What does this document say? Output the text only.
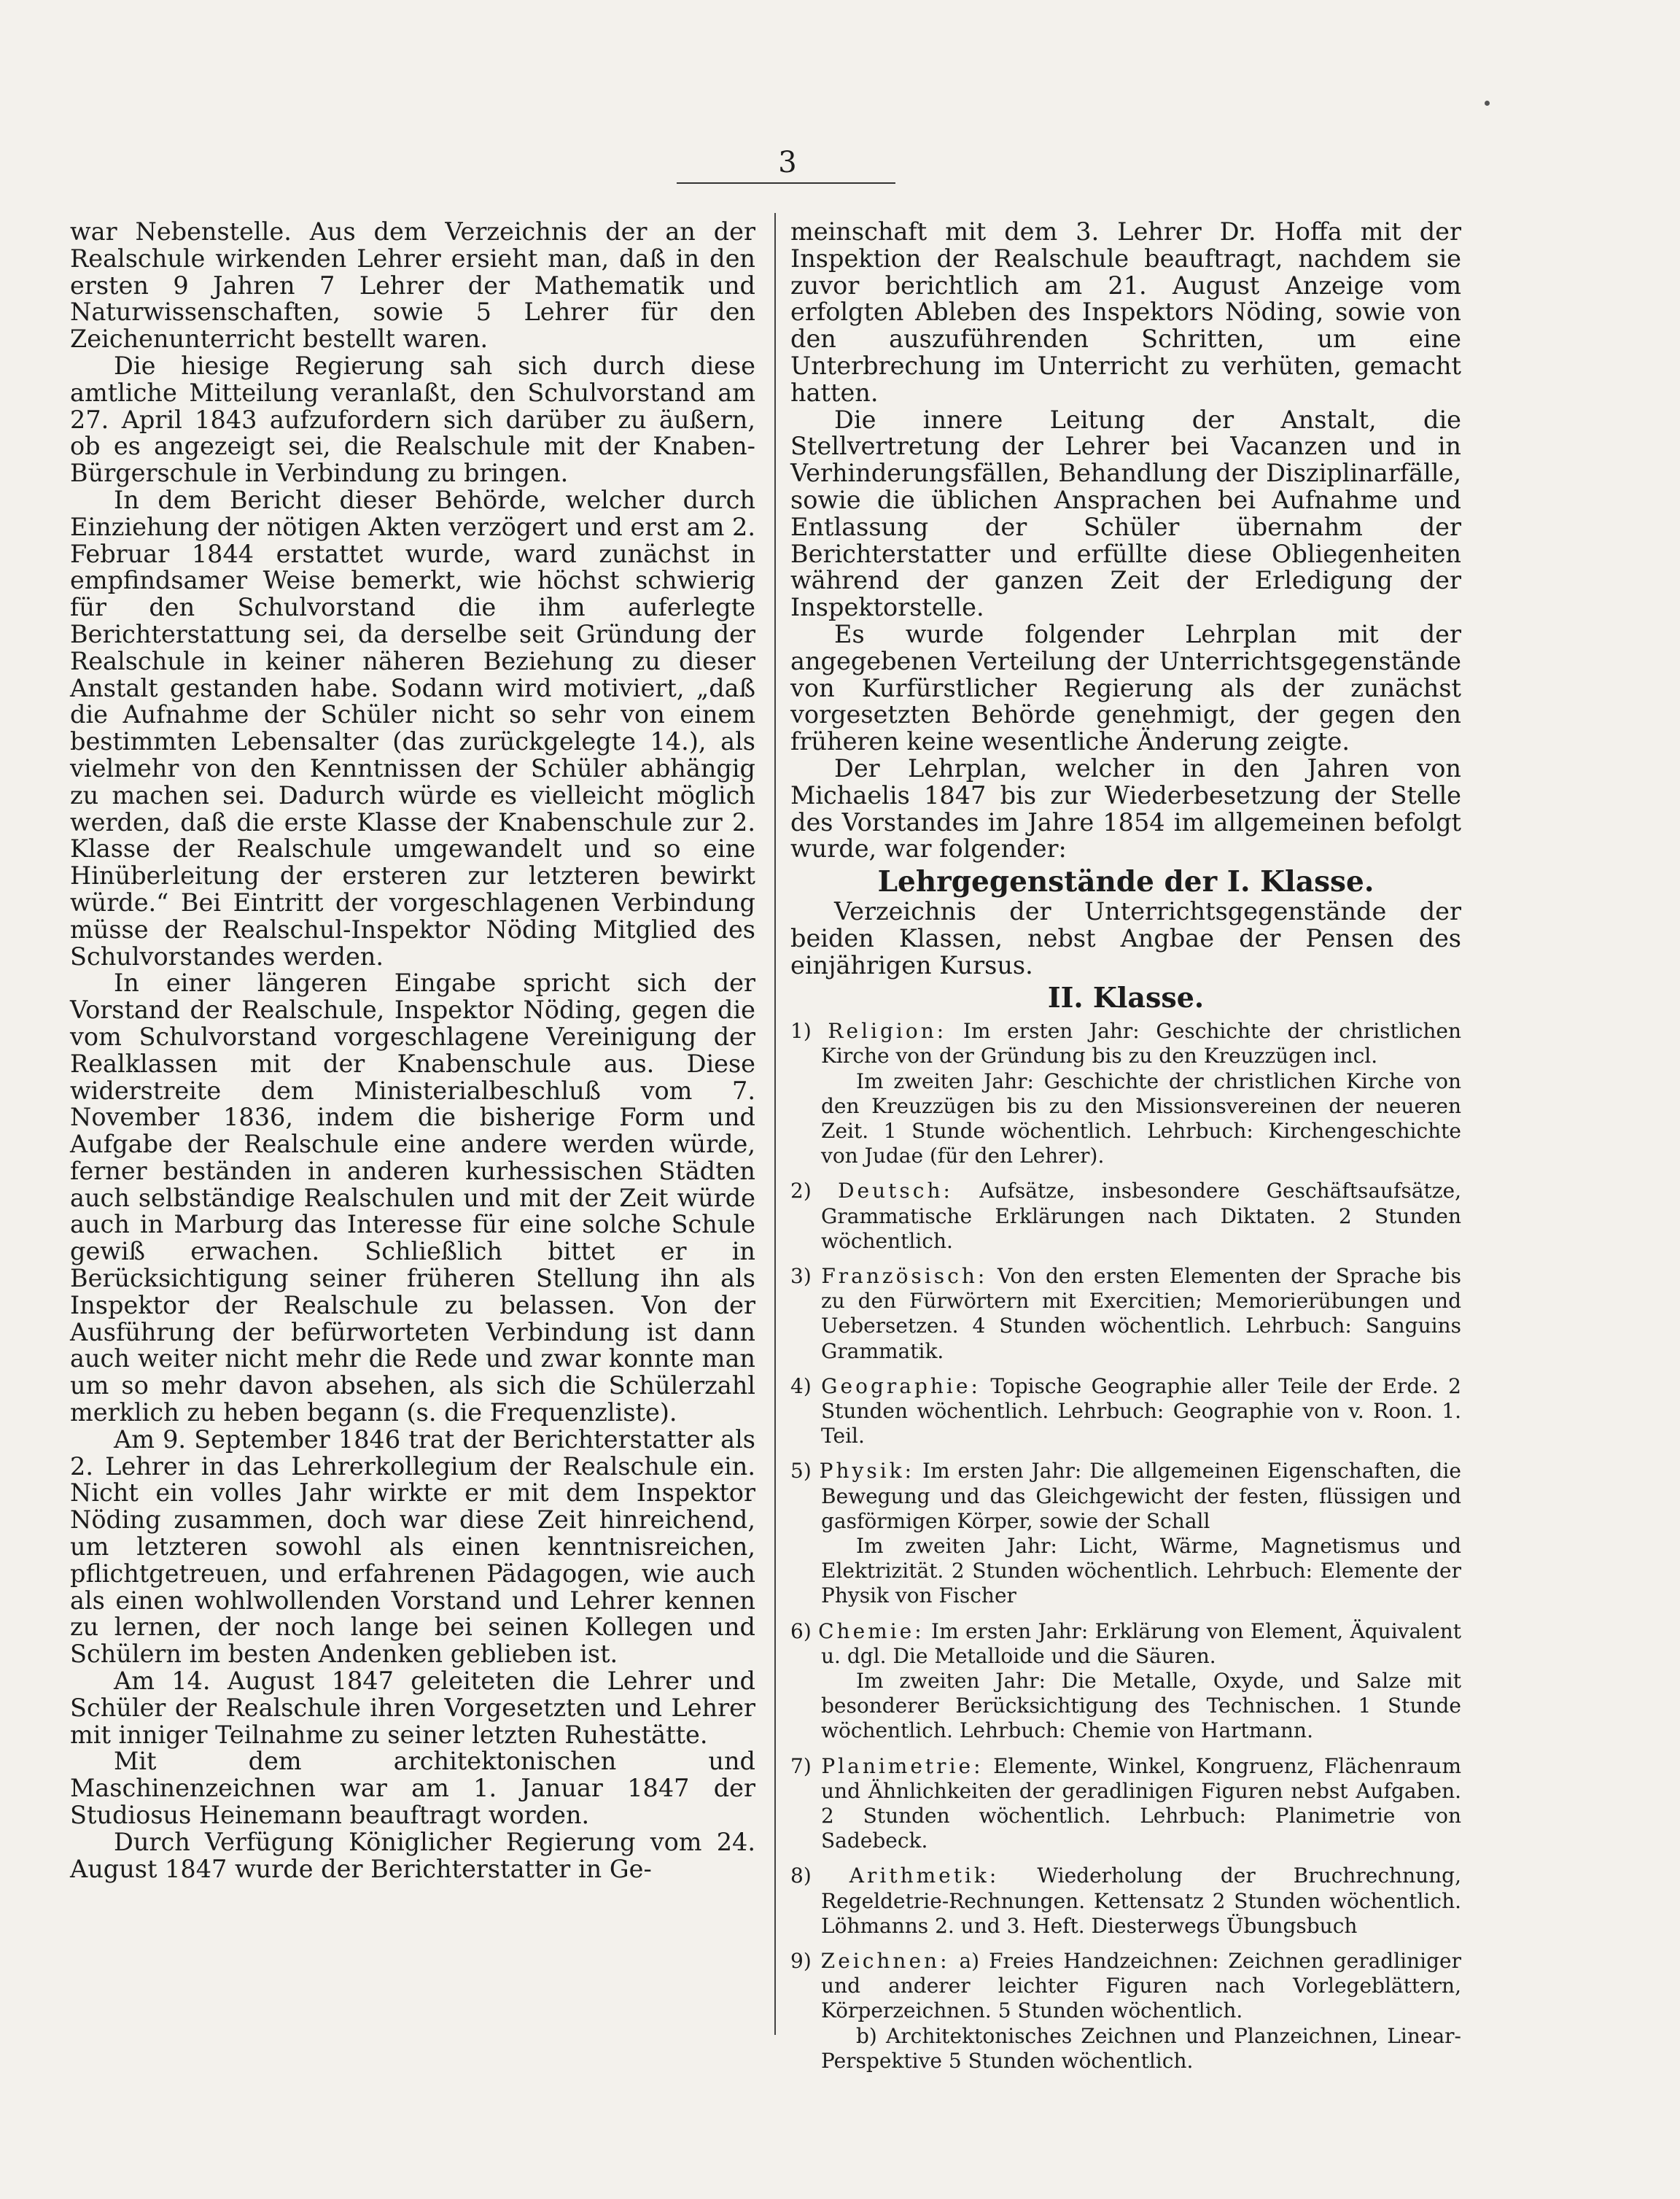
3

war Nebenstelle. Aus dem Verzeichnis der an der Realschule wirkenden Lehrer ersieht man, daß in den ersten 9 Jahren 7 Lehrer der Mathematik und Naturwissenschaften, sowie 5 Lehrer für den Zeichenunterricht bestellt waren.

Die hiesige Regierung sah sich durch diese amtliche Mitteilung veranlaßt, den Schulvorstand am 27. April 1843 aufzufordern sich darüber zu äußern, ob es angezeigt sei, die Realschule mit der Knaben-Bürgerschule in Verbindung zu bringen.

In dem Bericht dieser Behörde, welcher durch Einziehung der nötigen Akten verzögert und erst am 2. Februar 1844 erstattet wurde, ward zunächst in empfindsamer Weise bemerkt, wie höchst schwierig für den Schulvorstand die ihm auferlegte Berichterstattung sei, da derselbe seit Gründung der Realschule in keiner näheren Beziehung zu dieser Anstalt gestanden habe. Sodann wird motiviert, „daß die Aufnahme der Schüler nicht so sehr von einem bestimmten Lebensalter (das zurückgelegte 14.), als vielmehr von den Kenntnissen der Schüler abhängig zu machen sei. Dadurch würde es vielleicht möglich werden, daß die erste Klasse der Knabenschule zur 2. Klasse der Realschule umgewandelt und so eine Hinüberleitung der ersteren zur letzteren bewirkt würde.“ Bei Eintritt der vorgeschlagenen Verbindung müsse der Realschul-Inspektor Nöding Mitglied des Schulvorstandes werden.

In einer längeren Eingabe spricht sich der Vorstand der Realschule, Inspektor Nöding, gegen die vom Schulvorstand vorgeschlagene Vereinigung der Realklassen mit der Knabenschule aus. Diese widerstreite dem Ministerialbeschluß vom 7. November 1836, indem die bisherige Form und Aufgabe der Realschule eine andere werden würde, ferner beständen in anderen kurhessischen Städten auch selbständige Realschulen und mit der Zeit würde auch in Marburg das Interesse für eine solche Schule gewiß erwachen. Schließlich bittet er in Berücksichtigung seiner früheren Stellung ihn als Inspektor der Realschule zu belassen. Von der Ausführung der befürworteten Verbindung ist dann auch weiter nicht mehr die Rede und zwar konnte man um so mehr davon absehen, als sich die Schülerzahl merklich zu heben begann (s. die Frequenzliste).

Am 9. September 1846 trat der Berichterstatter als 2. Lehrer in das Lehrerkollegium der Realschule ein. Nicht ein volles Jahr wirkte er mit dem Inspektor Nöding zusammen, doch war diese Zeit hinreichend, um letzteren sowohl als einen kenntnisreichen, pflichtgetreuen, und erfahrenen Pädagogen, wie auch als einen wohlwollenden Vorstand und Lehrer kennen zu lernen, der noch lange bei seinen Kollegen und Schülern im besten Andenken geblieben ist.

Am 14. August 1847 geleiteten die Lehrer und Schüler der Realschule ihren Vorgesetzten und Lehrer mit inniger Teilnahme zu seiner letzten Ruhestätte.

Mit dem architektonischen und Maschinenzeichnen war am 1. Januar 1847 der Studiosus Heinemann beauftragt worden.

Durch Verfügung Königlicher Regierung vom 24. August 1847 wurde der Berichterstatter in Ge-

meinschaft mit dem 3. Lehrer Dr. Hoffa mit der Inspektion der Realschule beauftragt, nachdem sie zuvor berichtlich am 21. August Anzeige vom erfolgten Ableben des Inspektors Nöding, sowie von den auszuführenden Schritten, um eine Unterbrechung im Unterricht zu verhüten, gemacht hatten.

Die innere Leitung der Anstalt, die Stellvertretung der Lehrer bei Vacanzen und in Verhinderungsfällen, Behandlung der Disziplinarfälle, sowie die üblichen Ansprachen bei Aufnahme und Entlassung der Schüler übernahm der Berichterstatter und erfüllte diese Obliegenheiten während der ganzen Zeit der Erledigung der Inspektorstelle.

Es wurde folgender Lehrplan mit der angegebenen Verteilung der Unterrichtsgegenstände von Kurfürstlicher Regierung als der zunächst vorgesetzten Behörde genehmigt, der gegen den früheren keine wesentliche Änderung zeigte.

Der Lehrplan, welcher in den Jahren von Michaelis 1847 bis zur Wiederbesetzung der Stelle des Vorstandes im Jahre 1854 im allgemeinen befolgt wurde, war folgender:

Lehrgegenstände der I. Klasse.

Verzeichnis der Unterrichtsgegenstände der beiden Klassen, nebst Angbae der Pensen des einjährigen Kursus.

II. Klasse.

1) Religion: Im ersten Jahr: Geschichte der christlichen Kirche von der Gründung bis zu den Kreuzzügen incl.

Im zweiten Jahr: Geschichte der christlichen Kirche von den Kreuzzügen bis zu den Missionsvereinen der neueren Zeit. 1 Stunde wöchentlich. Lehrbuch: Kirchengeschichte von Judae (für den Lehrer).

2) Deutsch: Aufsätze, insbesondere Geschäftsaufsätze, Grammatische Erklärungen nach Diktaten. 2 Stunden wöchentlich.

3) Französisch: Von den ersten Elementen der Sprache bis zu den Fürwörtern mit Exercitien; Memorierübungen und Uebersetzen. 4 Stunden wöchentlich. Lehrbuch: Sanguins Grammatik.

4) Geographie: Topische Geographie aller Teile der Erde. 2 Stunden wöchentlich. Lehrbuch: Geographie von v. Roon. 1. Teil.

5) Physik: Im ersten Jahr: Die allgemeinen Eigenschaften, die Bewegung und das Gleichgewicht der festen, flüssigen und gasförmigen Körper, sowie der Schall

Im zweiten Jahr: Licht, Wärme, Magnetismus und Elektrizität. 2 Stunden wöchentlich. Lehrbuch: Elemente der Physik von Fischer

6) Chemie: Im ersten Jahr: Erklärung von Element, Äquivalent u. dgl. Die Metalloide und die Säuren.

Im zweiten Jahr: Die Metalle, Oxyde, und Salze mit besonderer Berücksichtigung des Technischen. 1 Stunde wöchentlich. Lehrbuch: Chemie von Hartmann.

7) Planimetrie: Elemente, Winkel, Kongruenz, Flächenraum und Ähnlichkeiten der geradlinigen Figuren nebst Aufgaben. 2 Stunden wöchentlich. Lehrbuch: Planimetrie von Sadebeck.

8) Arithmetik: Wiederholung der Bruchrechnung, Regeldetrie-Rechnungen. Kettensatz 2 Stunden wöchentlich. Löhmanns 2. und 3. Heft. Diesterwegs Übungsbuch

9) Zeichnen: a) Freies Handzeichnen: Zeichnen geradliniger und anderer leichter Figuren nach Vorlegeblättern, Körperzeichnen. 5 Stunden wöchentlich.

b) Architektonisches Zeichnen und Planzeichnen, Linear-Perspektive 5 Stunden wöchentlich.
